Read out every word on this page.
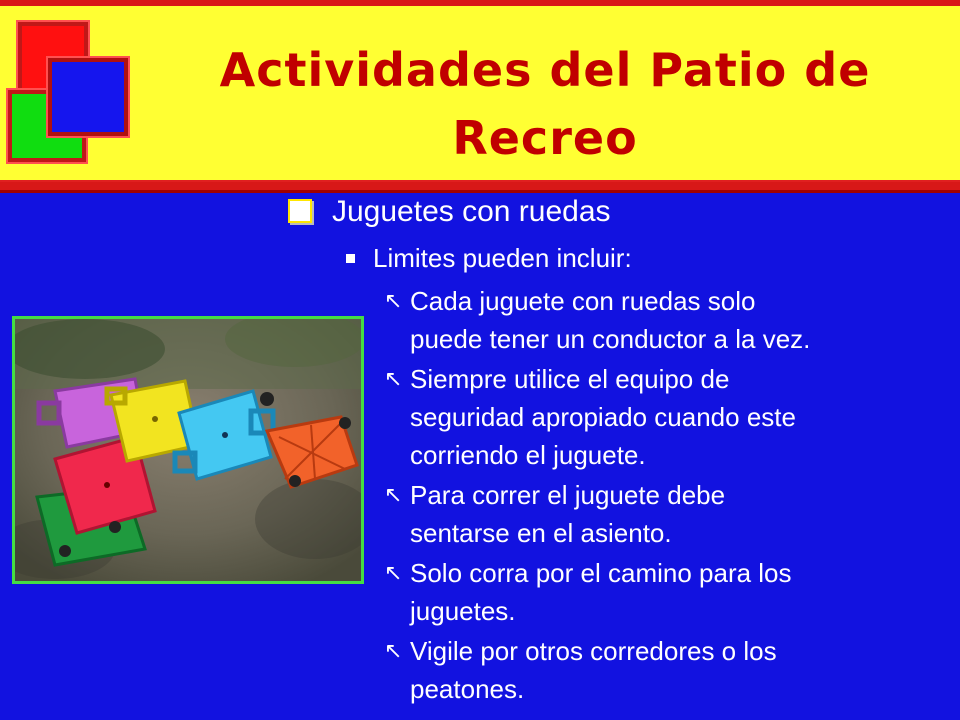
Actividades del Patio de Recreo
Juguetes con ruedas
Limites pueden incluir:
↖ Cada juguete con ruedas solo
puede tener un conductor a la vez.
↖ Siempre utilice el equipo de
seguridad apropiado cuando este
corriendo el juguete.
↖ Para correr el juguete debe
sentarse en el asiento.
↖ Solo corra por el camino para los
juguetes.
↖ Vigile por otros corredores o los
peatones.
